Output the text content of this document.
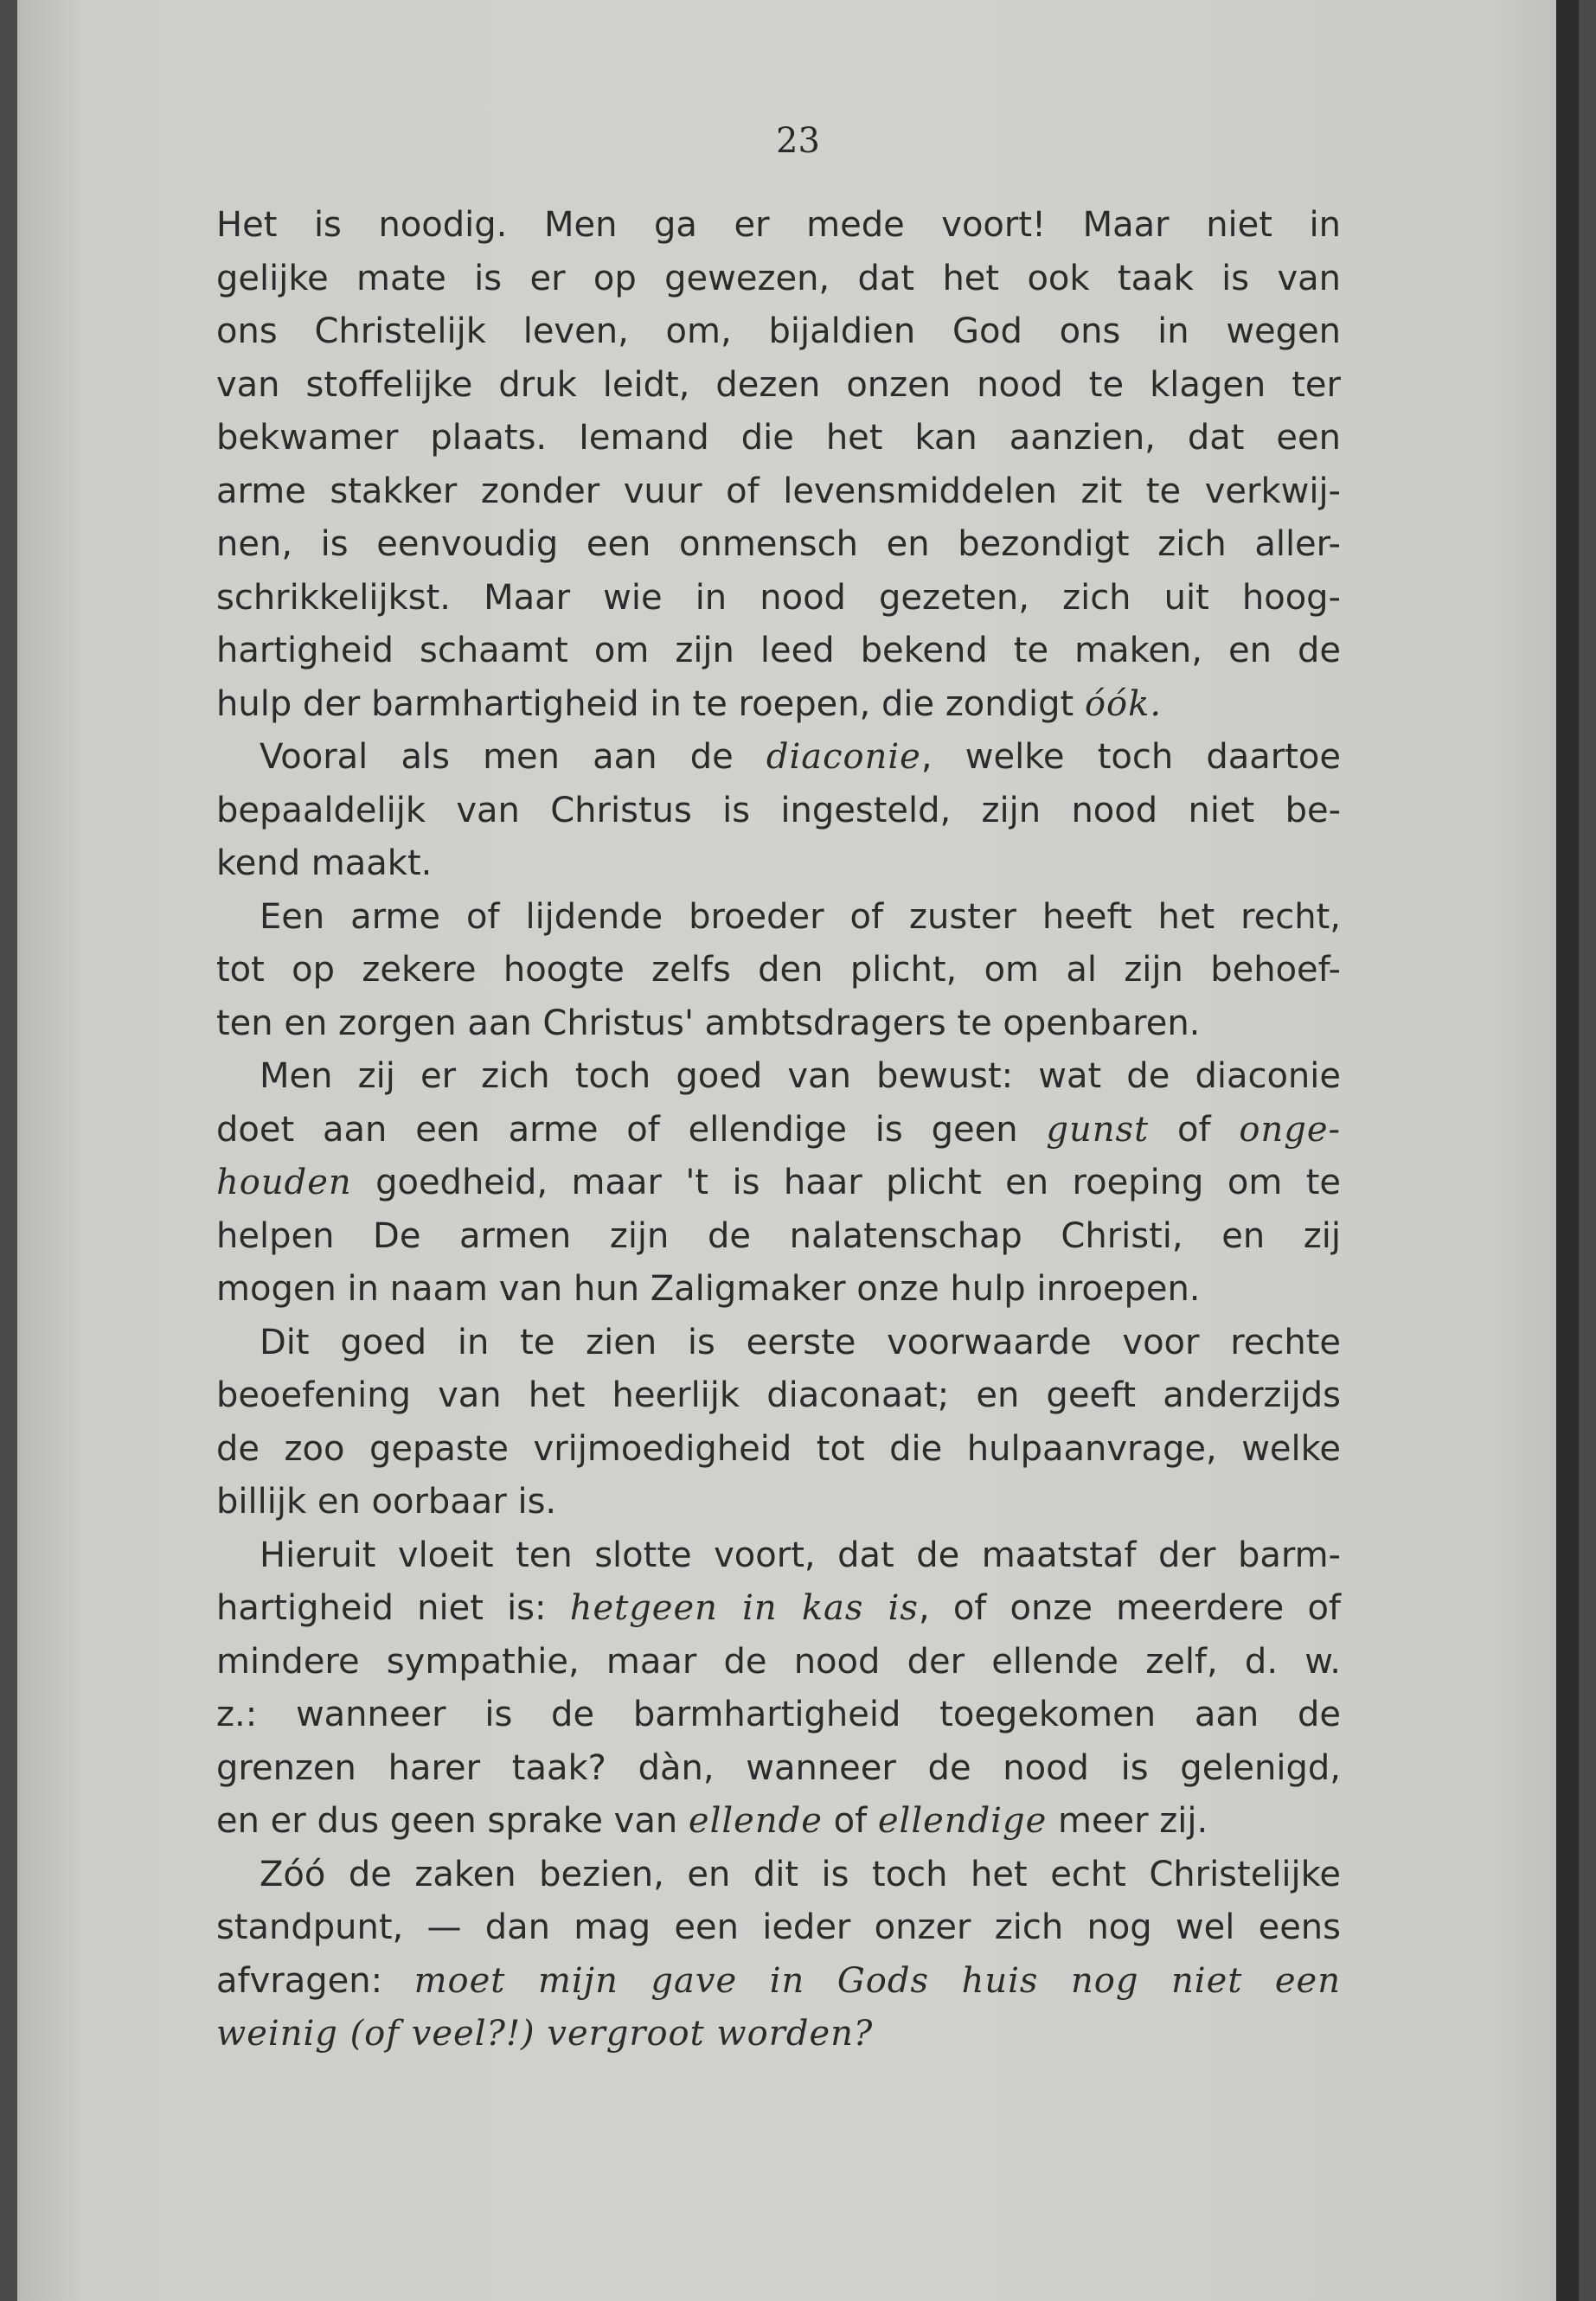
23
Het is noodig. Men ga er mede voort! Maar niet in
gelijke mate is er op gewezen, dat het ook taak is van
ons Christelijk leven, om, bijaldien God ons in wegen
van stoffelijke druk leidt, dezen onzen nood te klagen ter
bekwamer plaats. Iemand die het kan aanzien, dat een
arme stakker zonder vuur of levensmiddelen zit te verkwij-
nen, is eenvoudig een onmensch en bezondigt zich aller-
schrikkelijkst. Maar wie in nood gezeten, zich uit hoog-
hartigheid schaamt om zijn leed bekend te maken, en de
hulp der barmhartigheid in te roepen, die zondigt óók.
Vooral als men aan de diaconie, welke toch daartoe
bepaaldelijk van Christus is ingesteld, zijn nood niet be-
kend maakt.
Een arme of lijdende broeder of zuster heeft het recht,
tot op zekere hoogte zelfs den plicht, om al zijn behoef-
ten en zorgen aan Christus' ambtsdragers te openbaren.
Men zij er zich toch goed van bewust: wat de diaconie
doet aan een arme of ellendige is geen gunst of onge-
houden goedheid, maar 't is haar plicht en roeping om te
helpen De armen zijn de nalatenschap Christi, en zij
mogen in naam van hun Zaligmaker onze hulp inroepen.
Dit goed in te zien is eerste voorwaarde voor rechte
beoefening van het heerlijk diaconaat; en geeft anderzijds
de zoo gepaste vrijmoedigheid tot die hulpaanvrage, welke
billijk en oorbaar is.
Hieruit vloeit ten slotte voort, dat de maatstaf der barm-
hartigheid niet is: hetgeen in kas is, of onze meerdere of
mindere sympathie, maar de nood der ellende zelf, d. w.
z.: wanneer is de barmhartigheid toegekomen aan de
grenzen harer taak? dàn, wanneer de nood is gelenigd,
en er dus geen sprake van ellende of ellendige meer zij.
Zóó de zaken bezien, en dit is toch het echt Christelijke
standpunt, — dan mag een ieder onzer zich nog wel eens
afvragen: moet mijn gave in Gods huis nog niet een
weinig (of veel?!) vergroot worden?
